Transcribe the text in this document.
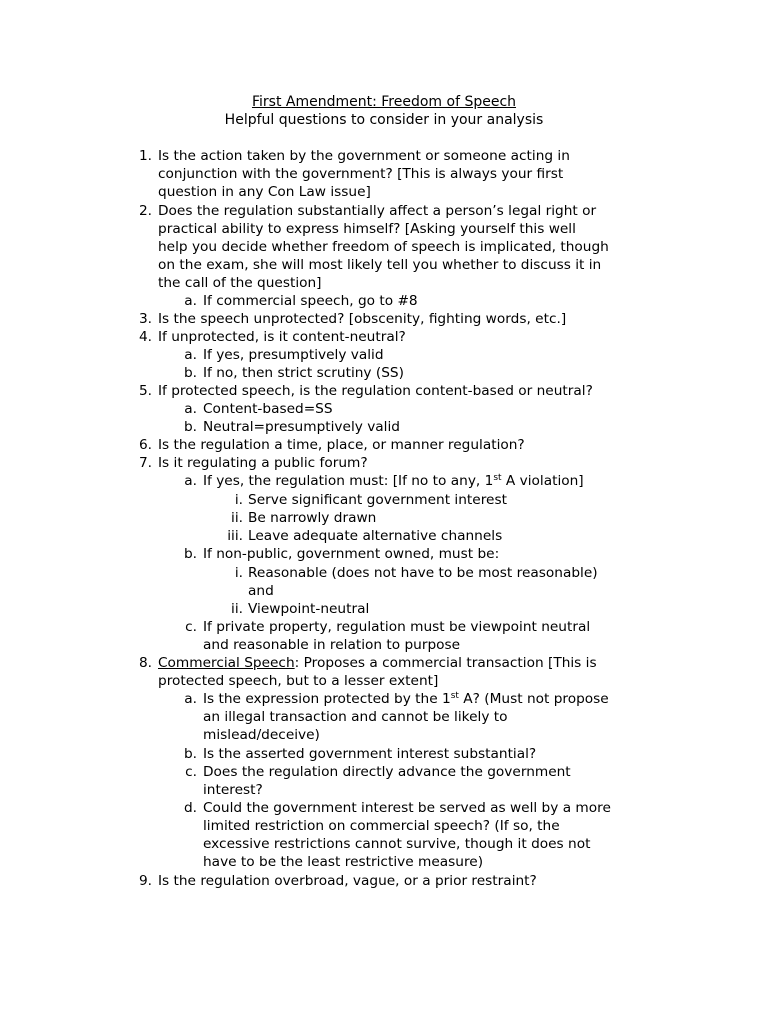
First Amendment: Freedom of Speech
Helpful questions to consider in your analysis
1. Is the action taken by the government or someone acting in
conjunction with the government? [This is always your first
question in any Con Law issue]
2. Does the regulation substantially affect a person’s legal right or
practical ability to express himself? [Asking yourself this well
help you decide whether freedom of speech is implicated, though
on the exam, she will most likely tell you whether to discuss it in
the call of the question]
a. If commercial speech, go to #8
3. Is the speech unprotected? [obscenity, fighting words, etc.]
4. If unprotected, is it content-neutral?
a. If yes, presumptively valid
b. If no, then strict scrutiny (SS)
5. If protected speech, is the regulation content-based or neutral?
a. Content-based=SS
b. Neutral=presumptively valid
6. Is the regulation a time, place, or manner regulation?
7. Is it regulating a public forum?
a. If yes, the regulation must: [If no to any, 1st A violation]
i. Serve significant government interest
ii. Be narrowly drawn
iii. Leave adequate alternative channels
b. If non-public, government owned, must be:
i. Reasonable (does not have to be most reasonable)
and
ii. Viewpoint-neutral
c. If private property, regulation must be viewpoint neutral
and reasonable in relation to purpose
8. Commercial Speech: Proposes a commercial transaction [This is
protected speech, but to a lesser extent]
a. Is the expression protected by the 1st A? (Must not propose
an illegal transaction and cannot be likely to
mislead/deceive)
b. Is the asserted government interest substantial?
c. Does the regulation directly advance the government
interest?
d. Could the government interest be served as well by a more
limited restriction on commercial speech? (If so, the
excessive restrictions cannot survive, though it does not
have to be the least restrictive measure)
9. Is the regulation overbroad, vague, or a prior restraint?
